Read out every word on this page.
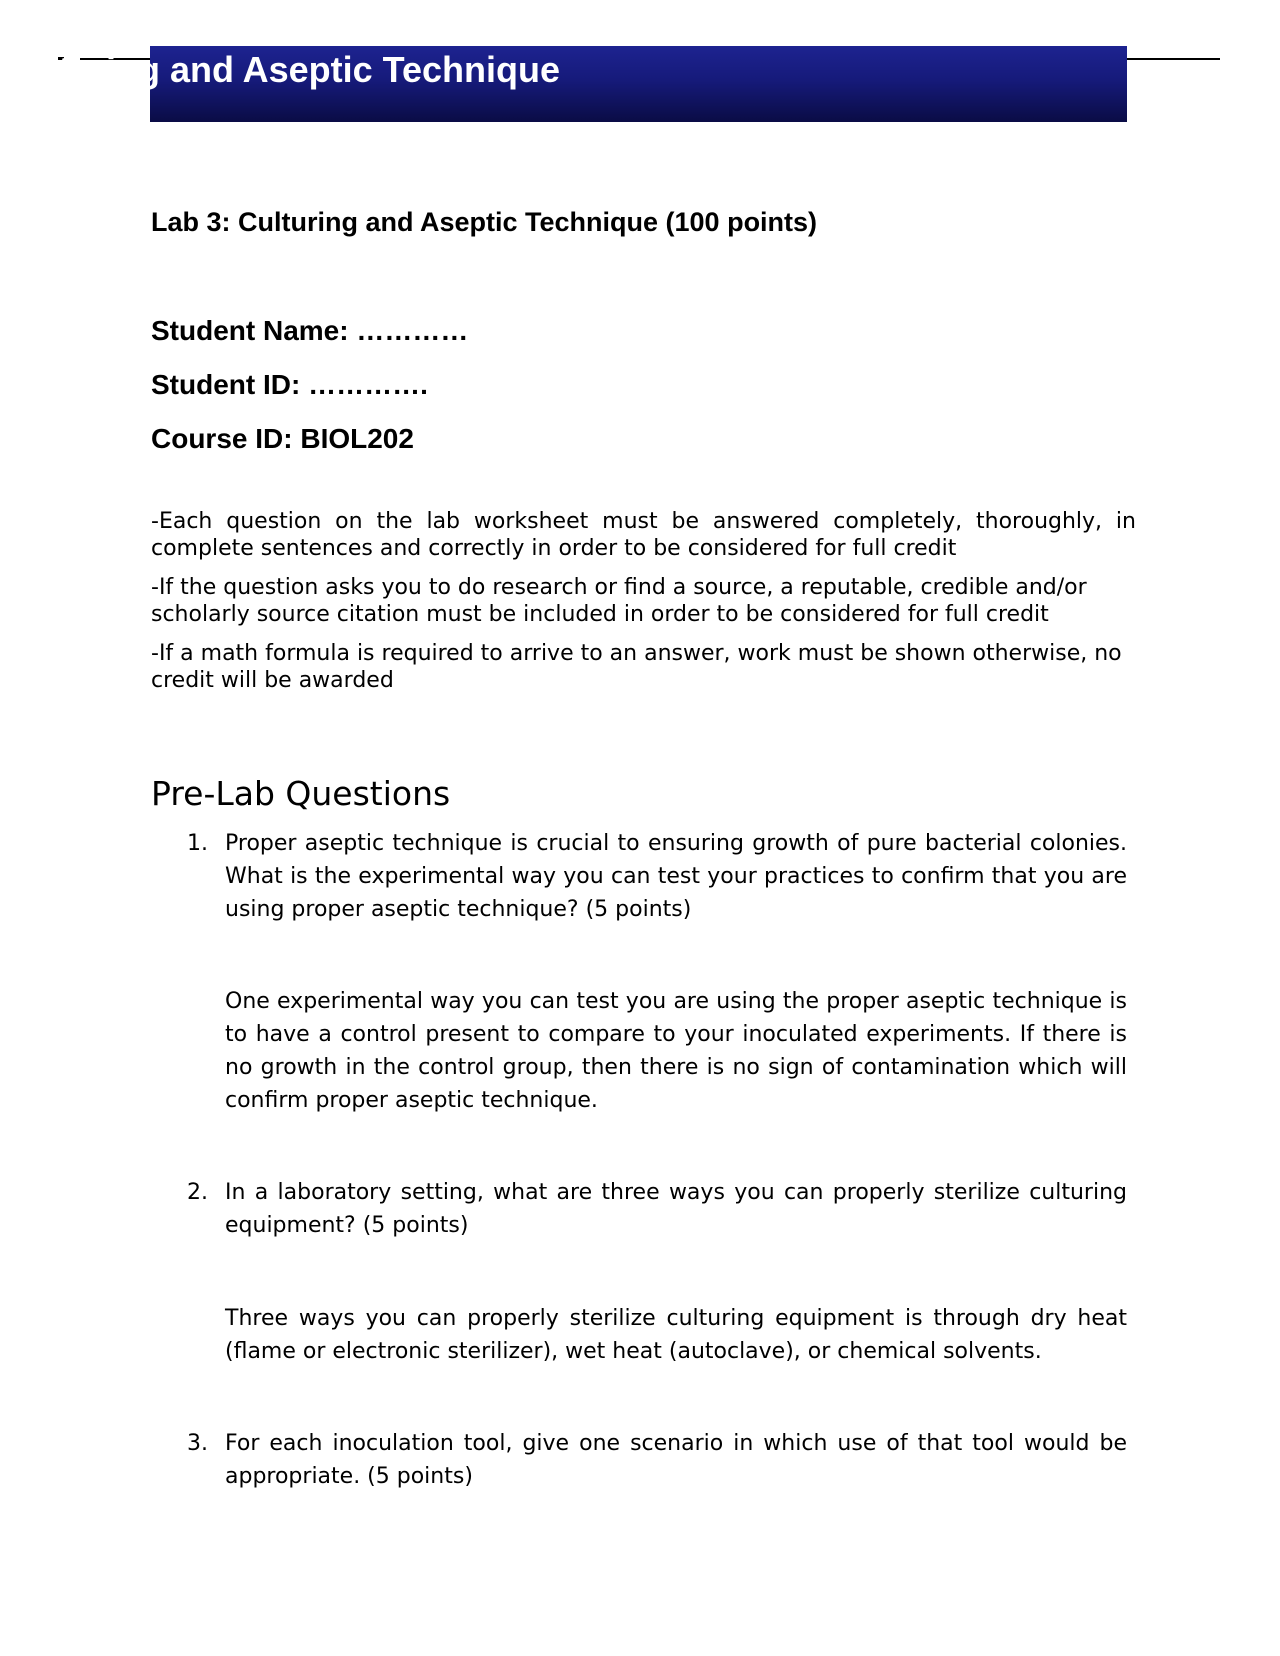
Culturing and Aseptic Technique
Lab 3: Culturing and Aseptic Technique (100 points)
Student Name: …………
Student ID: ………….
Course ID: BIOL202

-Each question on the lab worksheet must be answered completely, thoroughly, in complete sentences and correctly in order to be considered for full credit

-If the question asks you to do research or find a source, a reputable, credible and/or scholarly source citation must be included in order to be considered for full credit

-If a math formula is required to arrive to an answer, work must be shown otherwise, no credit will be awarded

Pre-Lab Questions
1. Proper aseptic technique is crucial to ensuring growth of pure bacterial colonies. What is the experimental way you can test your practices to confirm that you are using proper aseptic technique? (5 points)
One experimental way you can test you are using the proper aseptic technique is to have a control present to compare to your inoculated experiments. If there is no growth in the control group, then there is no sign of contamination which will confirm proper aseptic technique.
2. In a laboratory setting, what are three ways you can properly sterilize culturing equipment? (5 points)
Three ways you can properly sterilize culturing equipment is through dry heat (flame or electronic sterilizer), wet heat (autoclave), or chemical solvents.
3. For each inoculation tool, give one scenario in which use of that tool would be appropriate. (5 points)
